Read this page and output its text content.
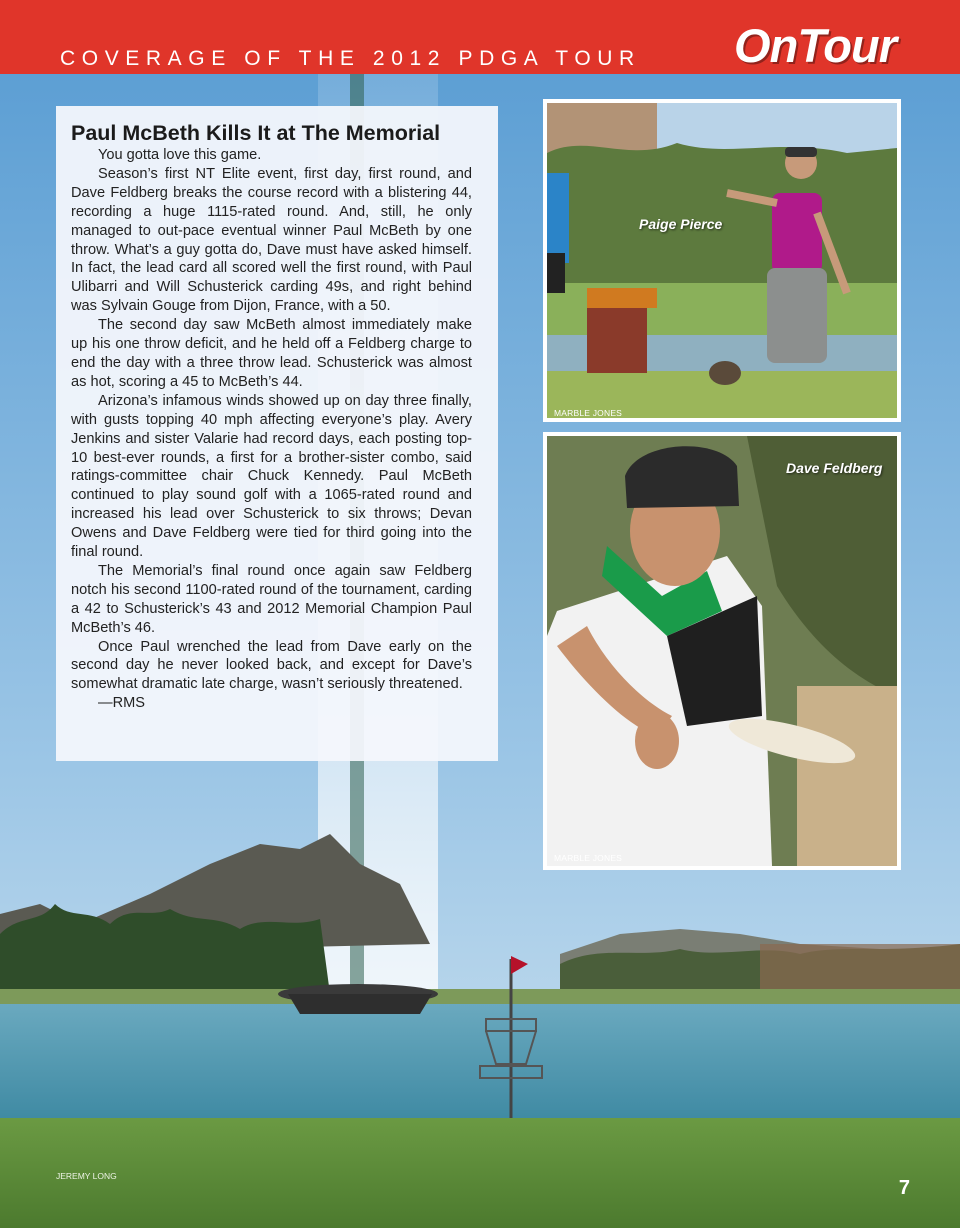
COVERAGE OF THE 2012 PDGA TOUR OnTour
Paul McBeth Kills It at The Memorial

You gotta love this game.

Season’s first NT Elite event, first day, first round, and Dave Feldberg breaks the course record with a blistering 44, recording a huge 1115-rated round. And, still, he only managed to out-pace eventual winner Paul McBeth by one throw. What’s a guy gotta do, Dave must have asked himself. In fact, the lead card all scored well the first round, with Paul Ulibarri and Will Schusterick carding 49s, and right behind was Sylvain Gouge from Dijon, France, with a 50.

The second day saw McBeth almost immediately make up his one throw deficit, and he held off a Feldberg charge to end the day with a three throw lead. Schusterick was almost as hot, scoring a 45 to McBeth’s 44.

Arizona’s infamous winds showed up on day three finally, with gusts topping 40 mph affecting everyone’s play. Avery Jenkins and sister Valarie had record days, each posting top-10 best-ever rounds, a first for a brother-sister combo, said ratings-committee chair Chuck Kennedy. Paul McBeth continued to play sound golf with a 1065-rated round and increased his lead over Schusterick to six throws; Devan Owens and Dave Feldberg were tied for third going into the final round.

The Memorial’s final round once again saw Feldberg notch his second 1100-rated round of the tournament, carding a 42 to Schusterick’s 43 and 2012 Memorial Champion Paul McBeth’s 46.

Once Paul wrenched the lead from Dave early on the second day he never looked back, and except for Dave’s somewhat dramatic late charge, wasn’t seriously threatened.

—RMS

Paige Pierce
MARBLE JONES
Dave Feldberg
MARBLE JONES
JEREMY LONG
7
